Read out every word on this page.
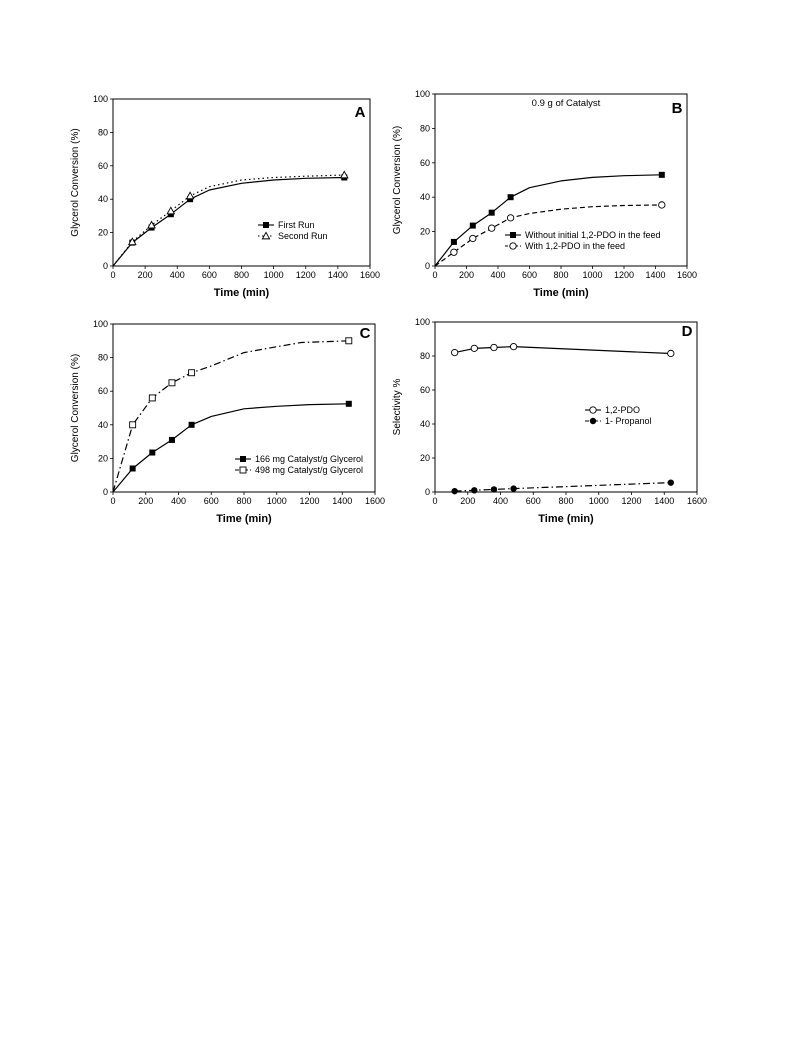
0 200 400 600 800 1000 1200 1400 1600
0
20
40
60
80
100
Time (min)
Glycerol Conversion (%)
A
First Run
Second Run
0 200 400 600 800 1000 1200 1400 1600
0
20
40
60
80
100
Time (min)
Glycerol Conversion (%)
B
0.9 g of Catalyst
Without initial 1,2-PDO in the feed
With 1,2-PDO in the feed
0	200 400 600 800 1000 1200 1400 1600
0
20
40
60
80
100
Time (min)
Glycerol Conversion (%)
C
166 mg Catalyst/g Glycerol
498 mg Catalyst/g Glycerol
0	200 400 600 800 1000 1200 1400 1600
0
20
40
60
80
100
Time (min)
Selectivity %
D
1,2-PDO
1- Propanol
